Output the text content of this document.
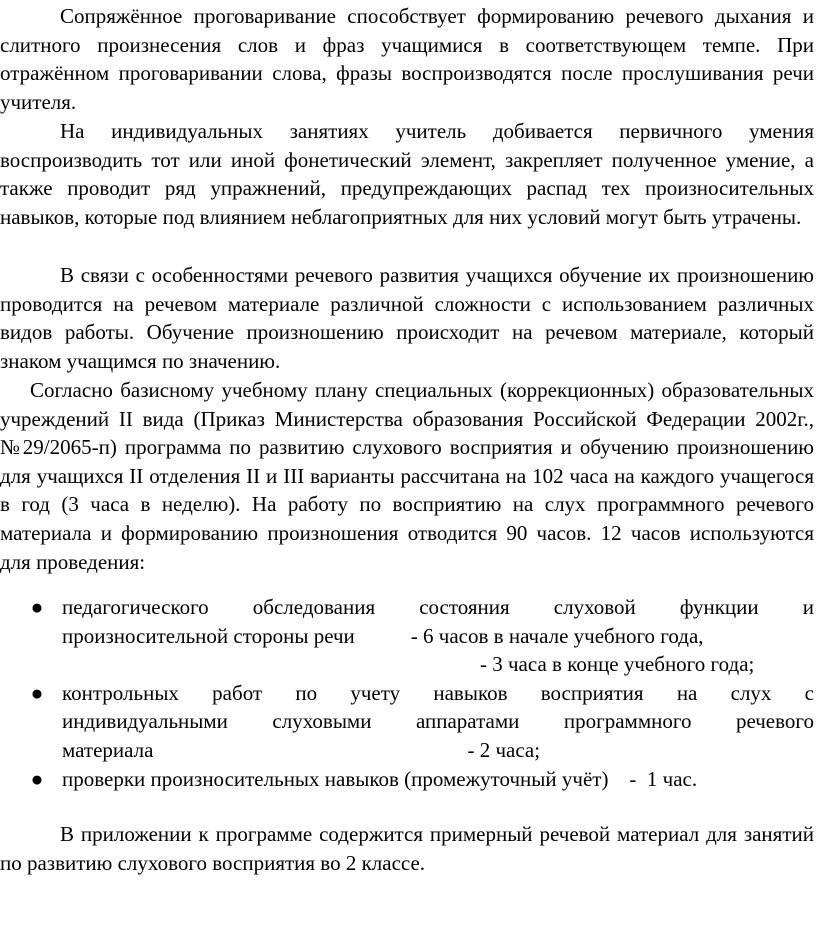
Сопряжённое проговаривание способствует формированию речевого дыхания и слитного произнесения слов и фраз учащимися в соответствующем темпе. При отражённом проговаривании слова, фразы воспроизводятся после прослушивания речи учителя.

На индивидуальных занятиях учитель добивается первичного умения воспроизводить тот или иной фонетический элемент, закрепляет полученное умение, а также проводит ряд упражнений, предупреждающих распад тех произносительных навыков, которые под влиянием неблагоприятных для них условий могут быть утрачены.

В связи с особенностями речевого развития учащихся обучение их произношению проводится на речевом материале различной сложности с использованием различных видов работы. Обучение произношению происходит на речевом материале, который знаком учащимся по значению.

Согласно базисному учебному плану специальных (коррекционных) образовательных учреждений II вида (Приказ Министерства образования Российской Федерации 2002г., №29/2065-п) программа по развитию слухового восприятия и обучению произношению для учащихся II отделения II и III варианты рассчитана на 102 часа на каждого учащегося в год (3 часа в неделю). На работу по восприятию на слух программного речевого материала и формированию произношения отводится 90 часов. 12 часов используются для проведения:

● педагогического обследования состояния слуховой функции и
произносительной стороны речи	- 6 часов в начале учебного года,
- 3 часа в конце учебного года;
● контрольных работ по учету навыков восприятия на слух с
индивидуальными слуховыми аппаратами программного речевого
материала	- 2 часа;
● проверки произносительных навыков (промежуточный учёт)    -  1 час.

В приложении к программе содержится примерный речевой материал для занятий по развитию слухового восприятия во 2 классе.
